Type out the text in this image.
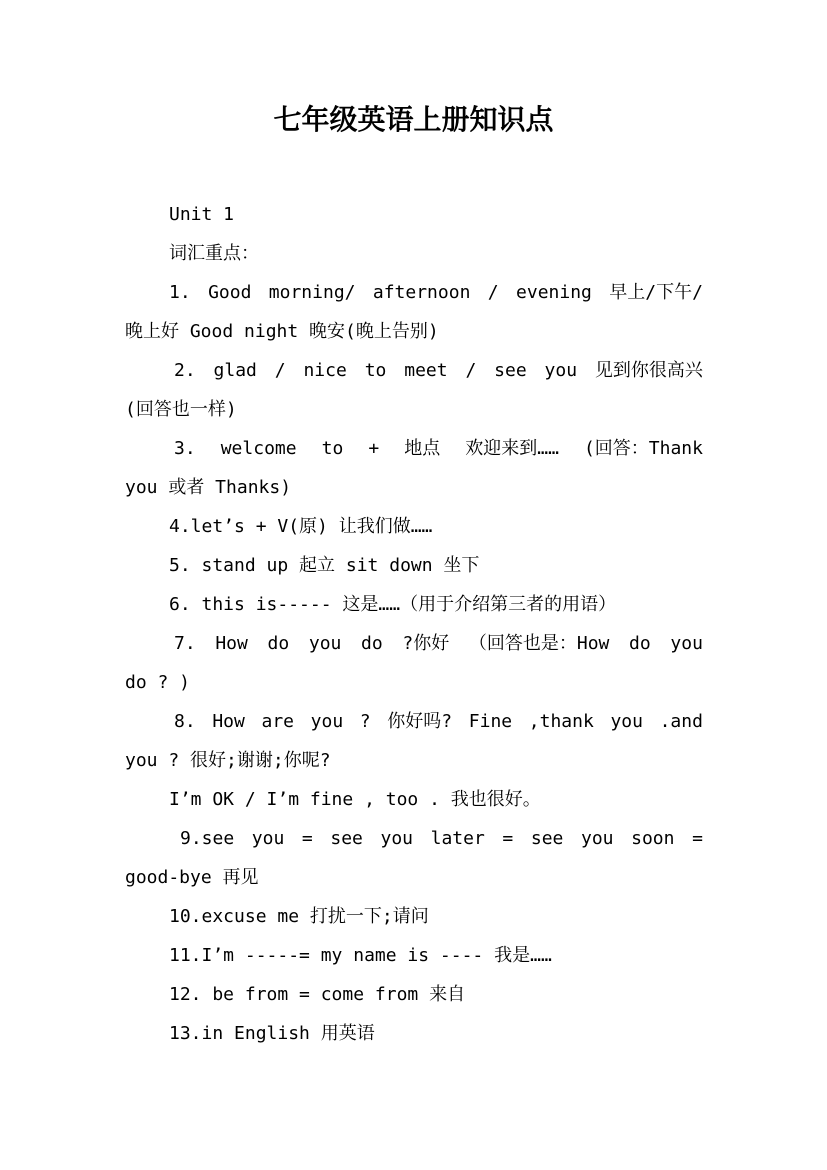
七年级英语上册知识点
Unit 1
词汇重点：
1. Good morning/ afternoon / evening 早上/下午/
晚上好 Good night 晚安(晚上告别)
2. glad / nice to meet / see you 见到你很高兴
(回答也一样)
3. welcome to + 地点 欢迎来到…… (回答：Thank
you 或者 Thanks)
4.let’s + V(原) 让我们做……
5. stand up 起立 sit down 坐下
6. this is----- 这是……（用于介绍第三者的用语）
7. How do you do ?你好 （回答也是：How do you
do ? )
8. How are you ? 你好吗? Fine ,thank you .and
you ? 很好;谢谢;你呢?
I’m OK / I’m fine , too . 我也很好。
9.see you = see you later = see you soon =
good-bye 再见
10.excuse me 打扰一下;请问
11.I’m -----= my name is ---- 我是……
12. be from = come from 来自
13.in English 用英语
